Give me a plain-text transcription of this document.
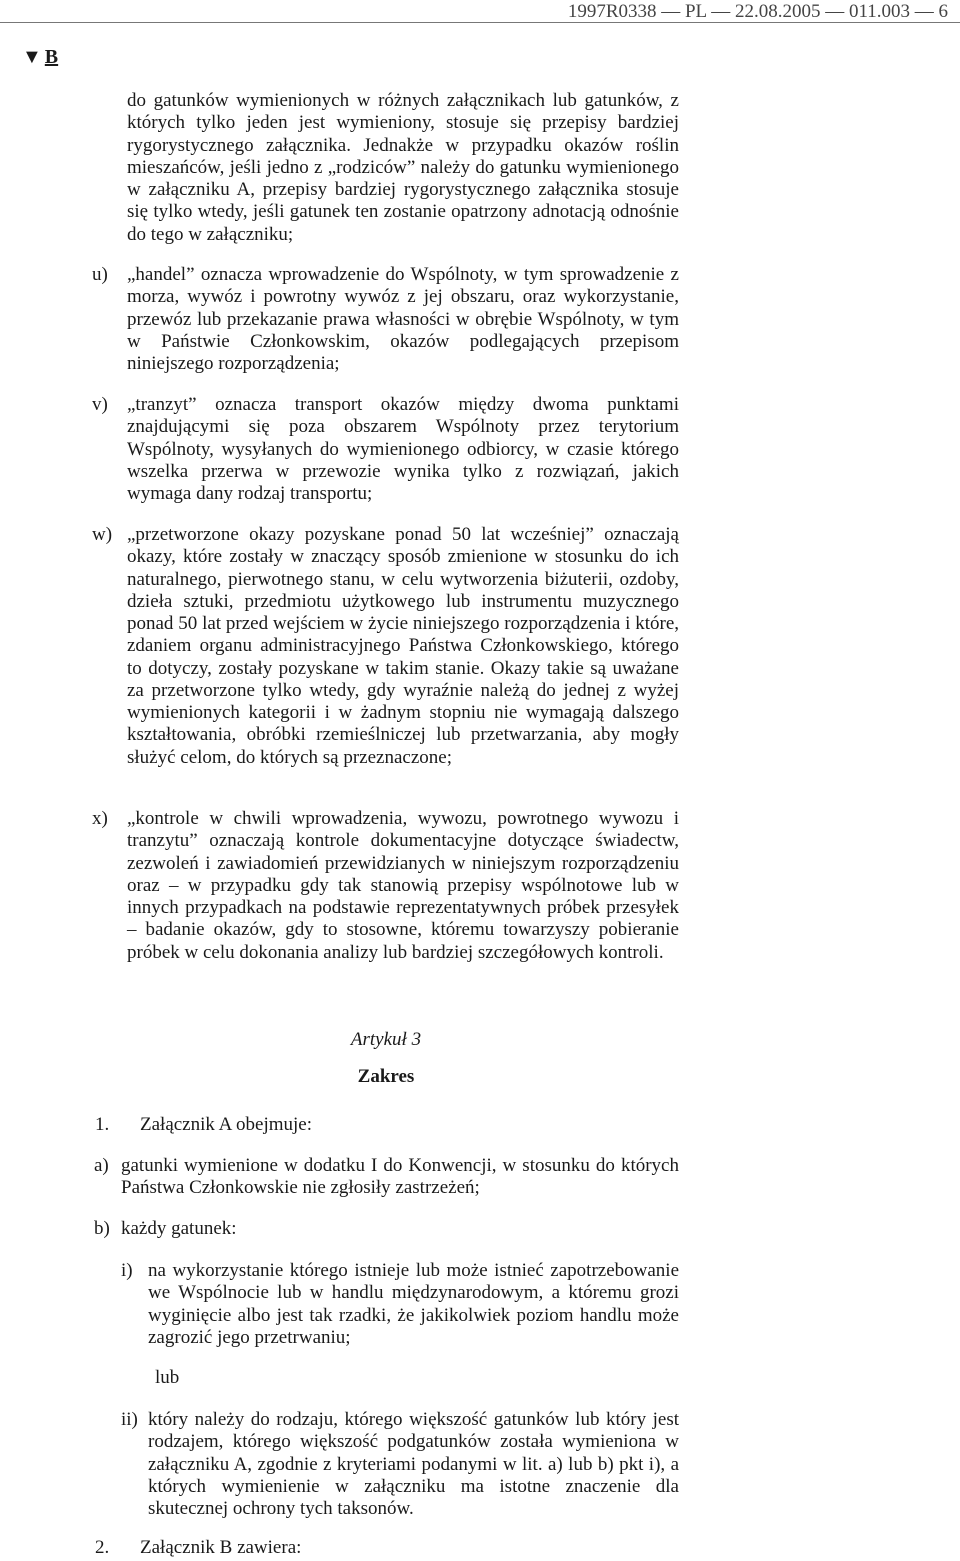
1997R0338 — PL — 22.08.2005 — 011.003 — 6
▼ B
do gatunków wymienionych w różnych załącznikach lub gatunków, z których tylko jeden jest wymieniony, stosuje się przepisy bardziej rygorystycznego załącznika. Jednakże w przypadku okazów roślin mieszańców, jeśli jedno z „rodziców” należy do gatunku wymienionego w załączniku A, przepisy bardziej rygorystycznego załącznika stosuje się tylko wtedy, jeśli gatunek ten zostanie opatrzony adnotacją odnośnie do tego w załączniku;
u) „handel” oznacza wprowadzenie do Wspólnoty, w tym sprowadzenie z morza, wywóz i powrotny wywóz z jej obszaru, oraz wykorzystanie, przewóz lub przekazanie prawa własności w obrębie Wspólnoty, w tym w Państwie Członkowskim, okazów podlegających przepisom niniejszego rozporządzenia;
v) „tranzyt” oznacza transport okazów między dwoma punktami znajdującymi się poza obszarem Wspólnoty przez terytorium Wspólnoty, wysyłanych do wymienionego odbiorcy, w czasie którego wszelka przerwa w przewozie wynika tylko z rozwiązań, jakich wymaga dany rodzaj transportu;
w) „przetworzone okazy pozyskane ponad 50 lat wcześniej” oznaczają okazy, które zostały w znaczący sposób zmienione w stosunku do ich naturalnego, pierwotnego stanu, w celu wytworzenia biżuterii, ozdoby, dzieła sztuki, przedmiotu użytkowego lub instrumentu muzycznego ponad 50 lat przed wejściem w życie niniejszego rozporządzenia i które, zdaniem organu administracyjnego Państwa Członkowskiego, którego to dotyczy, zostały pozyskane w takim stanie. Okazy takie są uważane za przetworzone tylko wtedy, gdy wyraźnie należą do jednej z wyżej wymienionych kategorii i w żadnym stopniu nie wymagają dalszego kształtowania, obróbki rzemieślniczej lub przetwarzania, aby mogły służyć celom, do których są przeznaczone;
x) „kontrole w chwili wprowadzenia, wywozu, powrotnego wywozu i tranzytu” oznaczają kontrole dokumentacyjne dotyczące świadectw, zezwoleń i zawiadomień przewidzianych w niniejszym rozporządzeniu oraz – w przypadku gdy tak stanowią przepisy wspólnotowe lub w innych przypadkach na podstawie reprezentatywnych próbek przesyłek – badanie okazów, gdy to stosowne, któremu towarzyszy pobieranie próbek w celu dokonania analizy lub bardziej szczegółowych kontroli.
Artykuł 3
Zakres
1. Załącznik A obejmuje:
a) gatunki wymienione w dodatku I do Konwencji, w stosunku do których Państwa Członkowskie nie zgłosiły zastrzeżeń;
b) każdy gatunek:
i) na wykorzystanie którego istnieje lub może istnieć zapotrzebowanie we Wspólnocie lub w handlu międzynarodowym, a któremu grozi wyginięcie albo jest tak rzadki, że jakikolwiek poziom handlu może zagrozić jego przetrwaniu;
lub
ii) który należy do rodzaju, którego większość gatunków lub który jest rodzajem, którego większość podgatunków została wymieniona w załączniku A, zgodnie z kryteriami podanymi w lit. a) lub b) pkt i), a których wymienienie w załączniku ma istotne znaczenie dla skutecznej ochrony tych taksonów.
2. Załącznik B zawiera:
